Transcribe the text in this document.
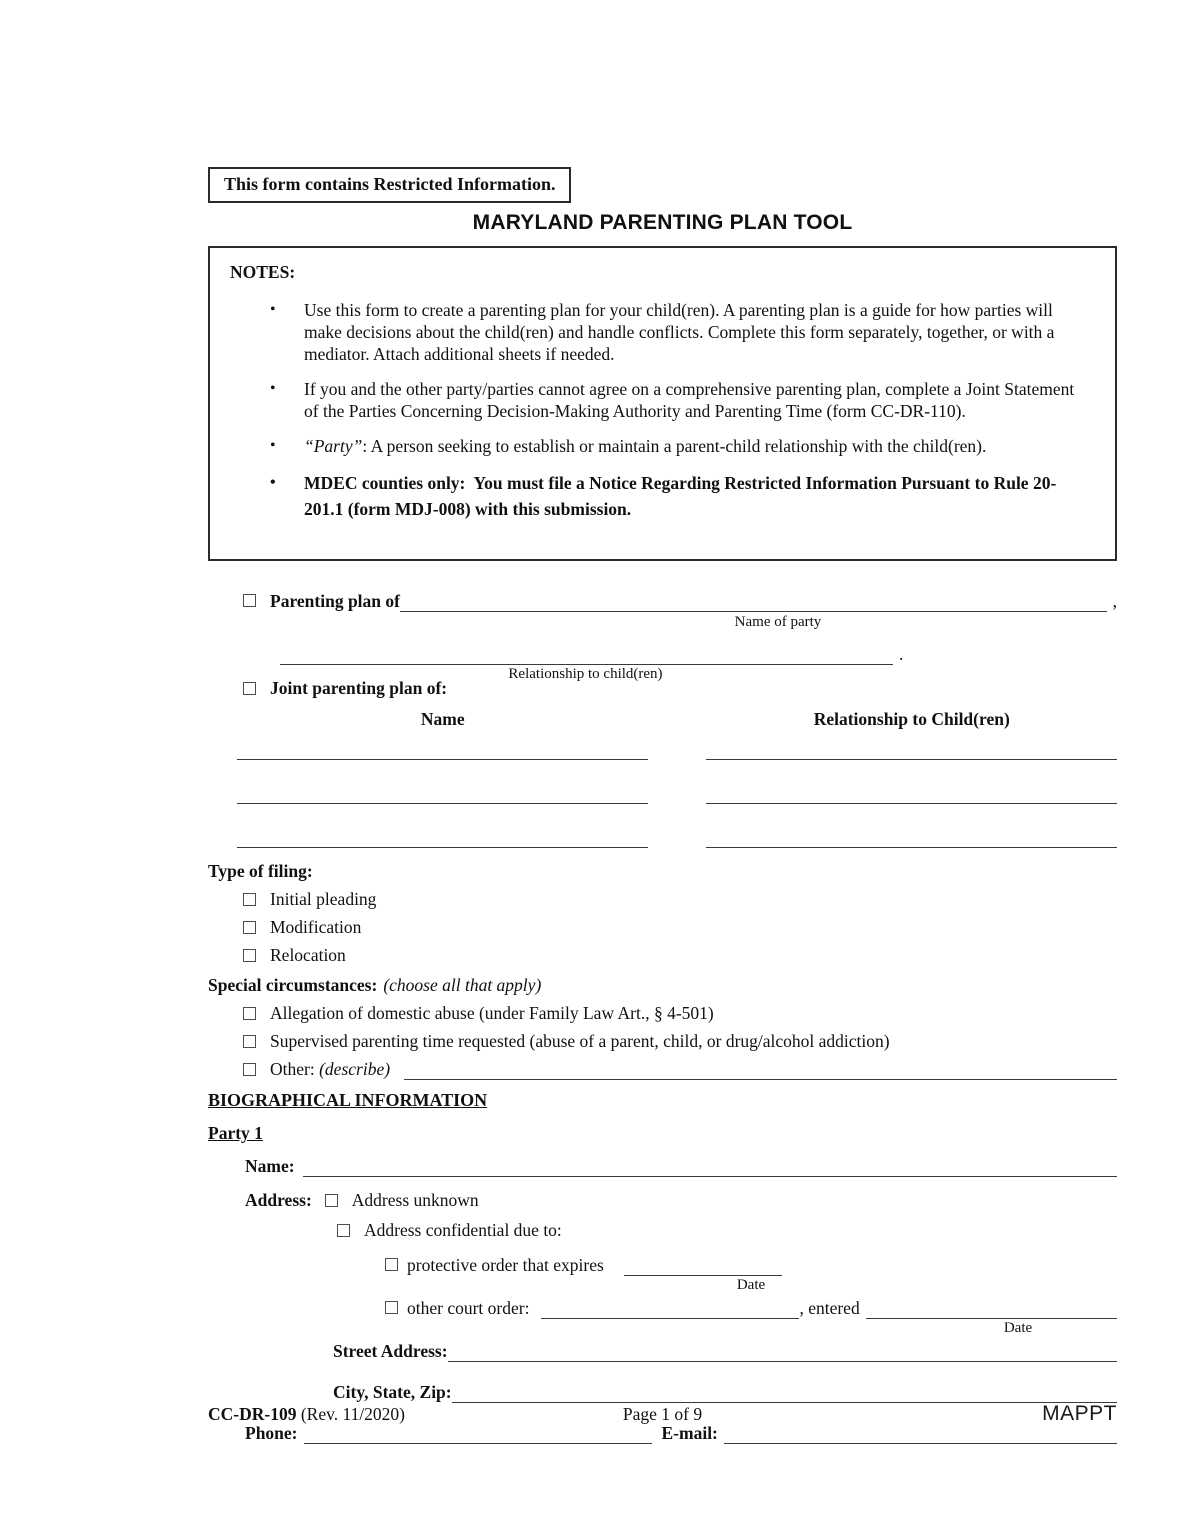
This form contains Restricted Information.
MARYLAND PARENTING PLAN TOOL
NOTES:
•	Use this form to create a parenting plan for your child(ren). A parenting plan is a guide for how parties will make decisions about the child(ren) and handle conflicts. Complete this form separately, together, or with a mediator. Attach additional sheets if needed.
•	If you and the other party/parties cannot agree on a comprehensive parenting plan, complete a Joint Statement of the Parties Concerning Decision-Making Authority and Parenting Time (form CC-DR-110).
•	“Party”: A person seeking to establish or maintain a parent-child relationship with the child(ren).
•	MDEC counties only:  You must file a Notice Regarding Restricted Information Pursuant to Rule 20-201.1 (form MDJ-008) with this submission.
Parenting plan of	,
Name of party
.
Relationship to child(ren)
Joint parenting plan of:
Name	Relationship to Child(ren)
Type of filing:
Initial pleading
Modification
Relocation
Special circumstances: (choose all that apply)
Allegation of domestic abuse (under Family Law Art., § 4-501)
Supervised parenting time requested (abuse of a parent, child, or drug/alcohol addiction)
Other: (describe)
BIOGRAPHICAL INFORMATION
Party 1
Name:
Address: Address unknown
Address confidential due to:
protective order that expires
Date
other court order:	, entered
Date
Street Address:
City, State, Zip:
Phone:	E-mail:
CC-DR-109 (Rev. 11/2020)	Page 1 of 9	MAPPT
